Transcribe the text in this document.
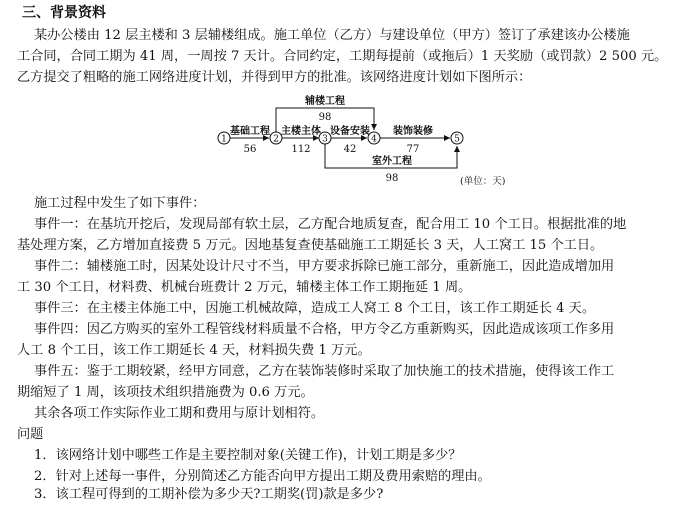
三、背景资料
某办公楼由 12 层主楼和 3 层辅楼组成。施工单位（乙方）与建设单位（甲方）签订了承建该办公楼施
工合同，合同工期为 41 周，一周按 7 天计。合同约定，工期每提前（或拖后）1 天奖励（或罚款）2 500 元。
乙方提交了粗略的施工网络进度计划，并得到甲方的批准。该网络进度计划如下图所示：
1	2	3	4	5
基础工程
56
主楼主体
112
设备安装
42
装饰装修
77
辅楼工程
98
室外工程
98	(单位：天)
施工过程中发生了如下事件：
事件一：在基坑开挖后，发现局部有软土层，乙方配合地质复查，配合用工 10 个工日。根据批准的地
基处理方案，乙方增加直接费 5 万元。因地基复查使基础施工工期延长 3 天，人工窝工 15 个工日。
事件二：辅楼施工时，因某处设计尺寸不当，甲方要求拆除已施工部分，重新施工，因此造成增加用
工 30 个工日，材料费、机械台班费计 2 万元，辅楼主体工作工期拖延 1 周。
事件三：在主楼主体施工中，因施工机械故障，造成工人窝工 8 个工日，该工作工期延长 4 天。
事件四：因乙方购买的室外工程管线材料质量不合格，甲方令乙方重新购买，因此造成该项工作多用
人工 8 个工日，该工作工期延长 4 天，材料损失费 1 万元。
事件五：鉴于工期较紧，经甲方同意，乙方在装饰装修时采取了加快施工的技术措施，使得该工作工
期缩短了 1 周，该项技术组织措施费为 0.6 万元。
其余各项工作实际作业工期和费用与原计划相符。
问题
1．该网络计划中哪些工作是主要控制对象(关键工作)，计划工期是多少？
2．针对上述每一事件，分别简述乙方能否向甲方提出工期及费用索赔的理由。
3．该工程可得到的工期补偿为多少天?工期奖(罚)款是多少?
